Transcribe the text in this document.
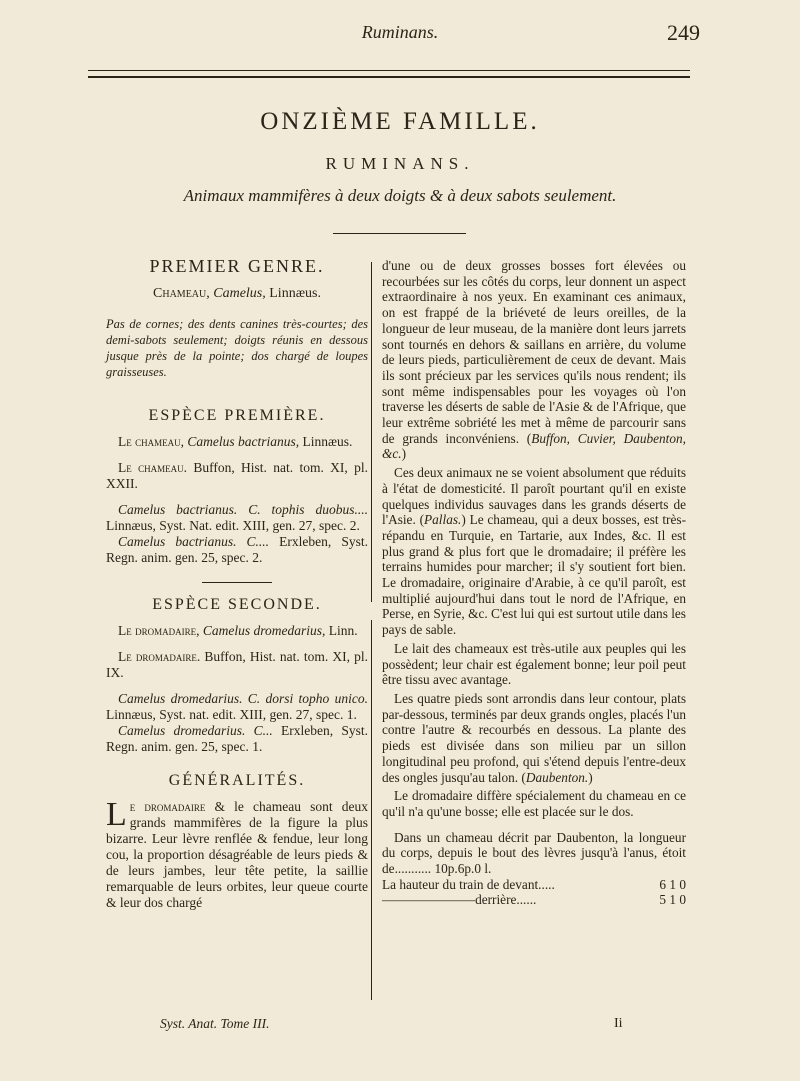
Ruminans.	249
ONZIÈME FAMILLE.
RUMINANS.
Animaux mammifères à deux doigts & à deux sabots seulement.
PREMIER GENRE.
Chameau, Camelus, Linnæus.

Pas de cornes; des dents canines très-courtes; des demi-sabots seulement; doigts réunis en dessous jusque près de la pointe; dos chargé de loupes graisseuses.

ESPÈCE PREMIÈRE.

Le chameau, Camelus bactrianus, Linnæus.

Le chameau. Buffon, Hist. nat. tom. XI, pl. XXII.

Camelus bactrianus. C. tophis duobus.... Linnæus, Syst. Nat. edit. XIII, gen. 27, spec. 2.

Camelus bactrianus. C.... Erxleben, Syst. Regn. anim. gen. 25, spec. 2.

ESPÈCE SECONDE.

Le dromadaire, Camelus dromedarius, Linn.

Le dromadaire. Buffon, Hist. nat. tom. XI, pl. IX.

Camelus dromedarius. C. dorsi topho unico. Linnæus, Syst. nat. edit. XIII, gen. 27, spec. 1.

Camelus dromedarius. C... Erxleben, Syst. Regn. anim. gen. 25, spec. 1.

GÉNÉRALITÉS.

Le dromadaire & le chameau sont deux grands mammifères de la figure la plus bizarre. Leur lèvre renflée & fendue, leur long cou, la proportion désagréable de leurs pieds & de leurs jambes, leur tête petite, la saillie remarquable de leurs orbites, leur queue courte & leur dos chargé

d'une ou de deux grosses bosses fort élevées ou recourbées sur les côtés du corps, leur donnent un aspect extraordinaire à nos yeux. En examinant ces animaux, on est frappé de la briéveté de leurs oreilles, de la longueur de leur museau, de la manière dont leurs jarrets sont tournés en dehors & saillans en arrière, du volume de leurs pieds, particulièrement de ceux de devant. Mais ils sont précieux par les services qu'ils nous rendent; ils sont même indispensables pour les voyages où l'on traverse les déserts de sable de l'Asie & de l'Afrique, que leur extrême sobriété les met à même de parcourir sans de grands inconvéniens. (Buffon, Cuvier, Daubenton, &c.)

Ces deux animaux ne se voient absolument que réduits à l'état de domesticité. Il paroît pourtant qu'il en existe quelques individus sauvages dans les grands déserts de l'Asie. (Pallas.) Le chameau, qui a deux bosses, est très-répandu en Turquie, en Tartarie, aux Indes, &c. Il est plus grand & plus fort que le dromadaire; il préfère les terrains humides pour marcher; il s'y soutient fort bien. Le dromadaire, originaire d'Arabie, à ce qu'il paroît, est multiplié aujourd'hui dans tout le nord de l'Afrique, en Perse, en Syrie, &c. C'est lui qui est surtout utile dans les pays de sable.

Le lait des chameaux est très-utile aux peuples qui les possèdent; leur chair est également bonne; leur poil peut être tissu avec avantage.

Les quatre pieds sont arrondis dans leur contour, plats par-dessous, terminés par deux grands ongles, placés l'un contre l'autre & recourbés en dessous. La plante des pieds est divisée dans son milieu par un sillon longitudinal peu profond, qui s'étend depuis l'entre-deux des ongles jusqu'au talon. (Daubenton.)

Le dromadaire diffère spécialement du chameau en ce qu'il n'a qu'une bosse; elle est placée sur le dos.

Dans un chameau décrit par Daubenton, la longueur du corps, depuis le bout des lèvres jusqu'à l'anus, étoit de........... 10p.6p.0 l.

La hauteur du train de devant.....	6 1 0
———————derrière......	5 1 0
Syst. Anat. Tome III.	Ii
